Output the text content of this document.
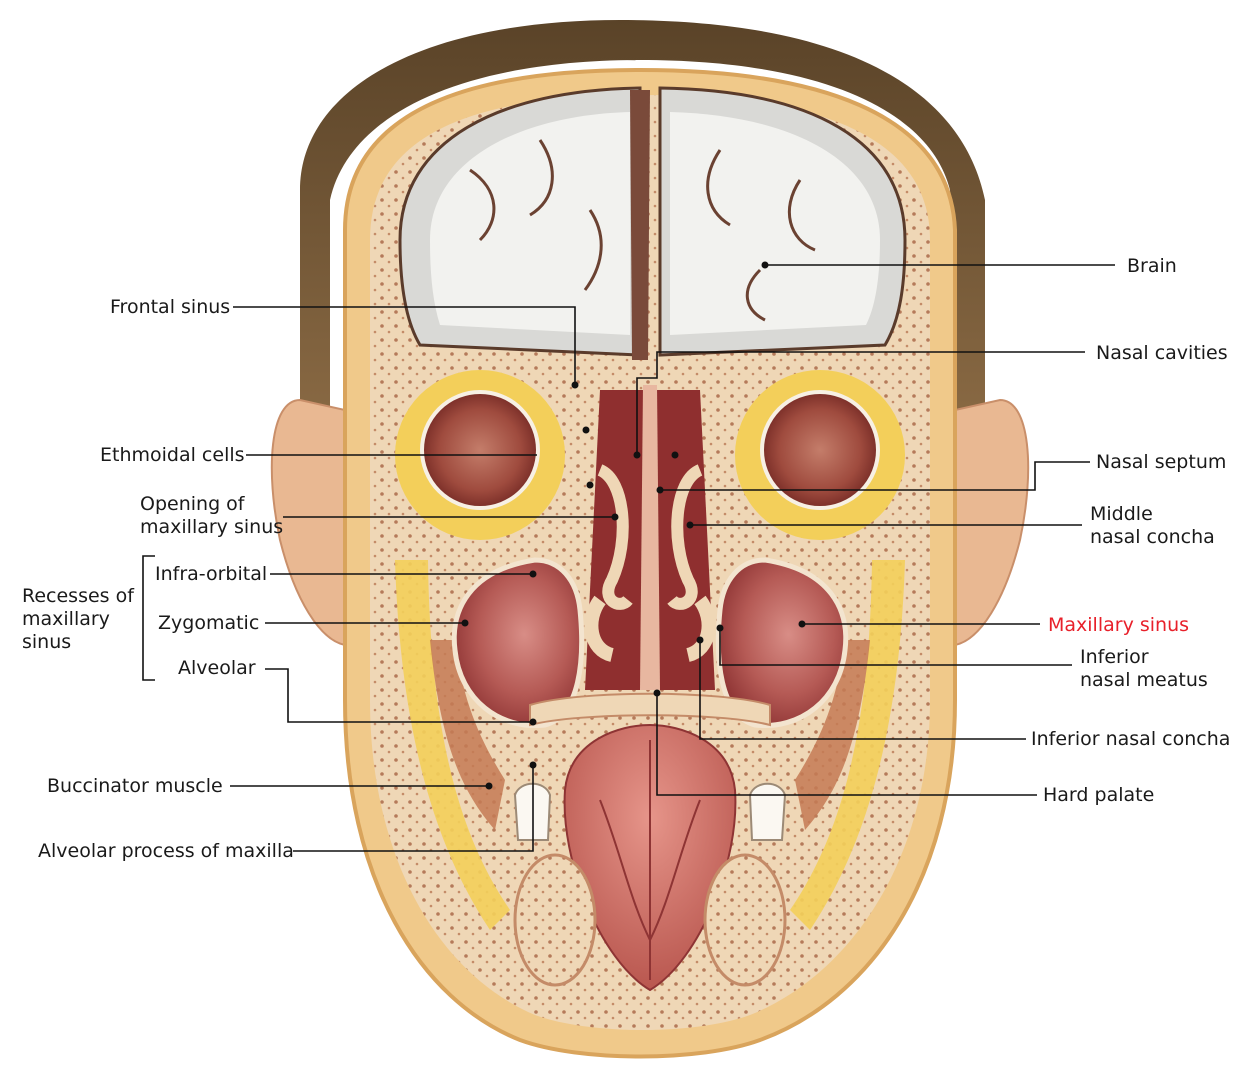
Brain
Frontal sinus
Nasal cavities
Ethmoidal cells	Nasal septum
Opening of
maxillary sinus
Middle
nasal concha
Recesses of
maxillary
sinus
Infra-orbital
Zygomatic
Alveolar
Maxillary sinus
Inferior
nasal meatus
Inferior nasal concha
Buccinator muscle	Hard palate
Alveolar process of maxilla
